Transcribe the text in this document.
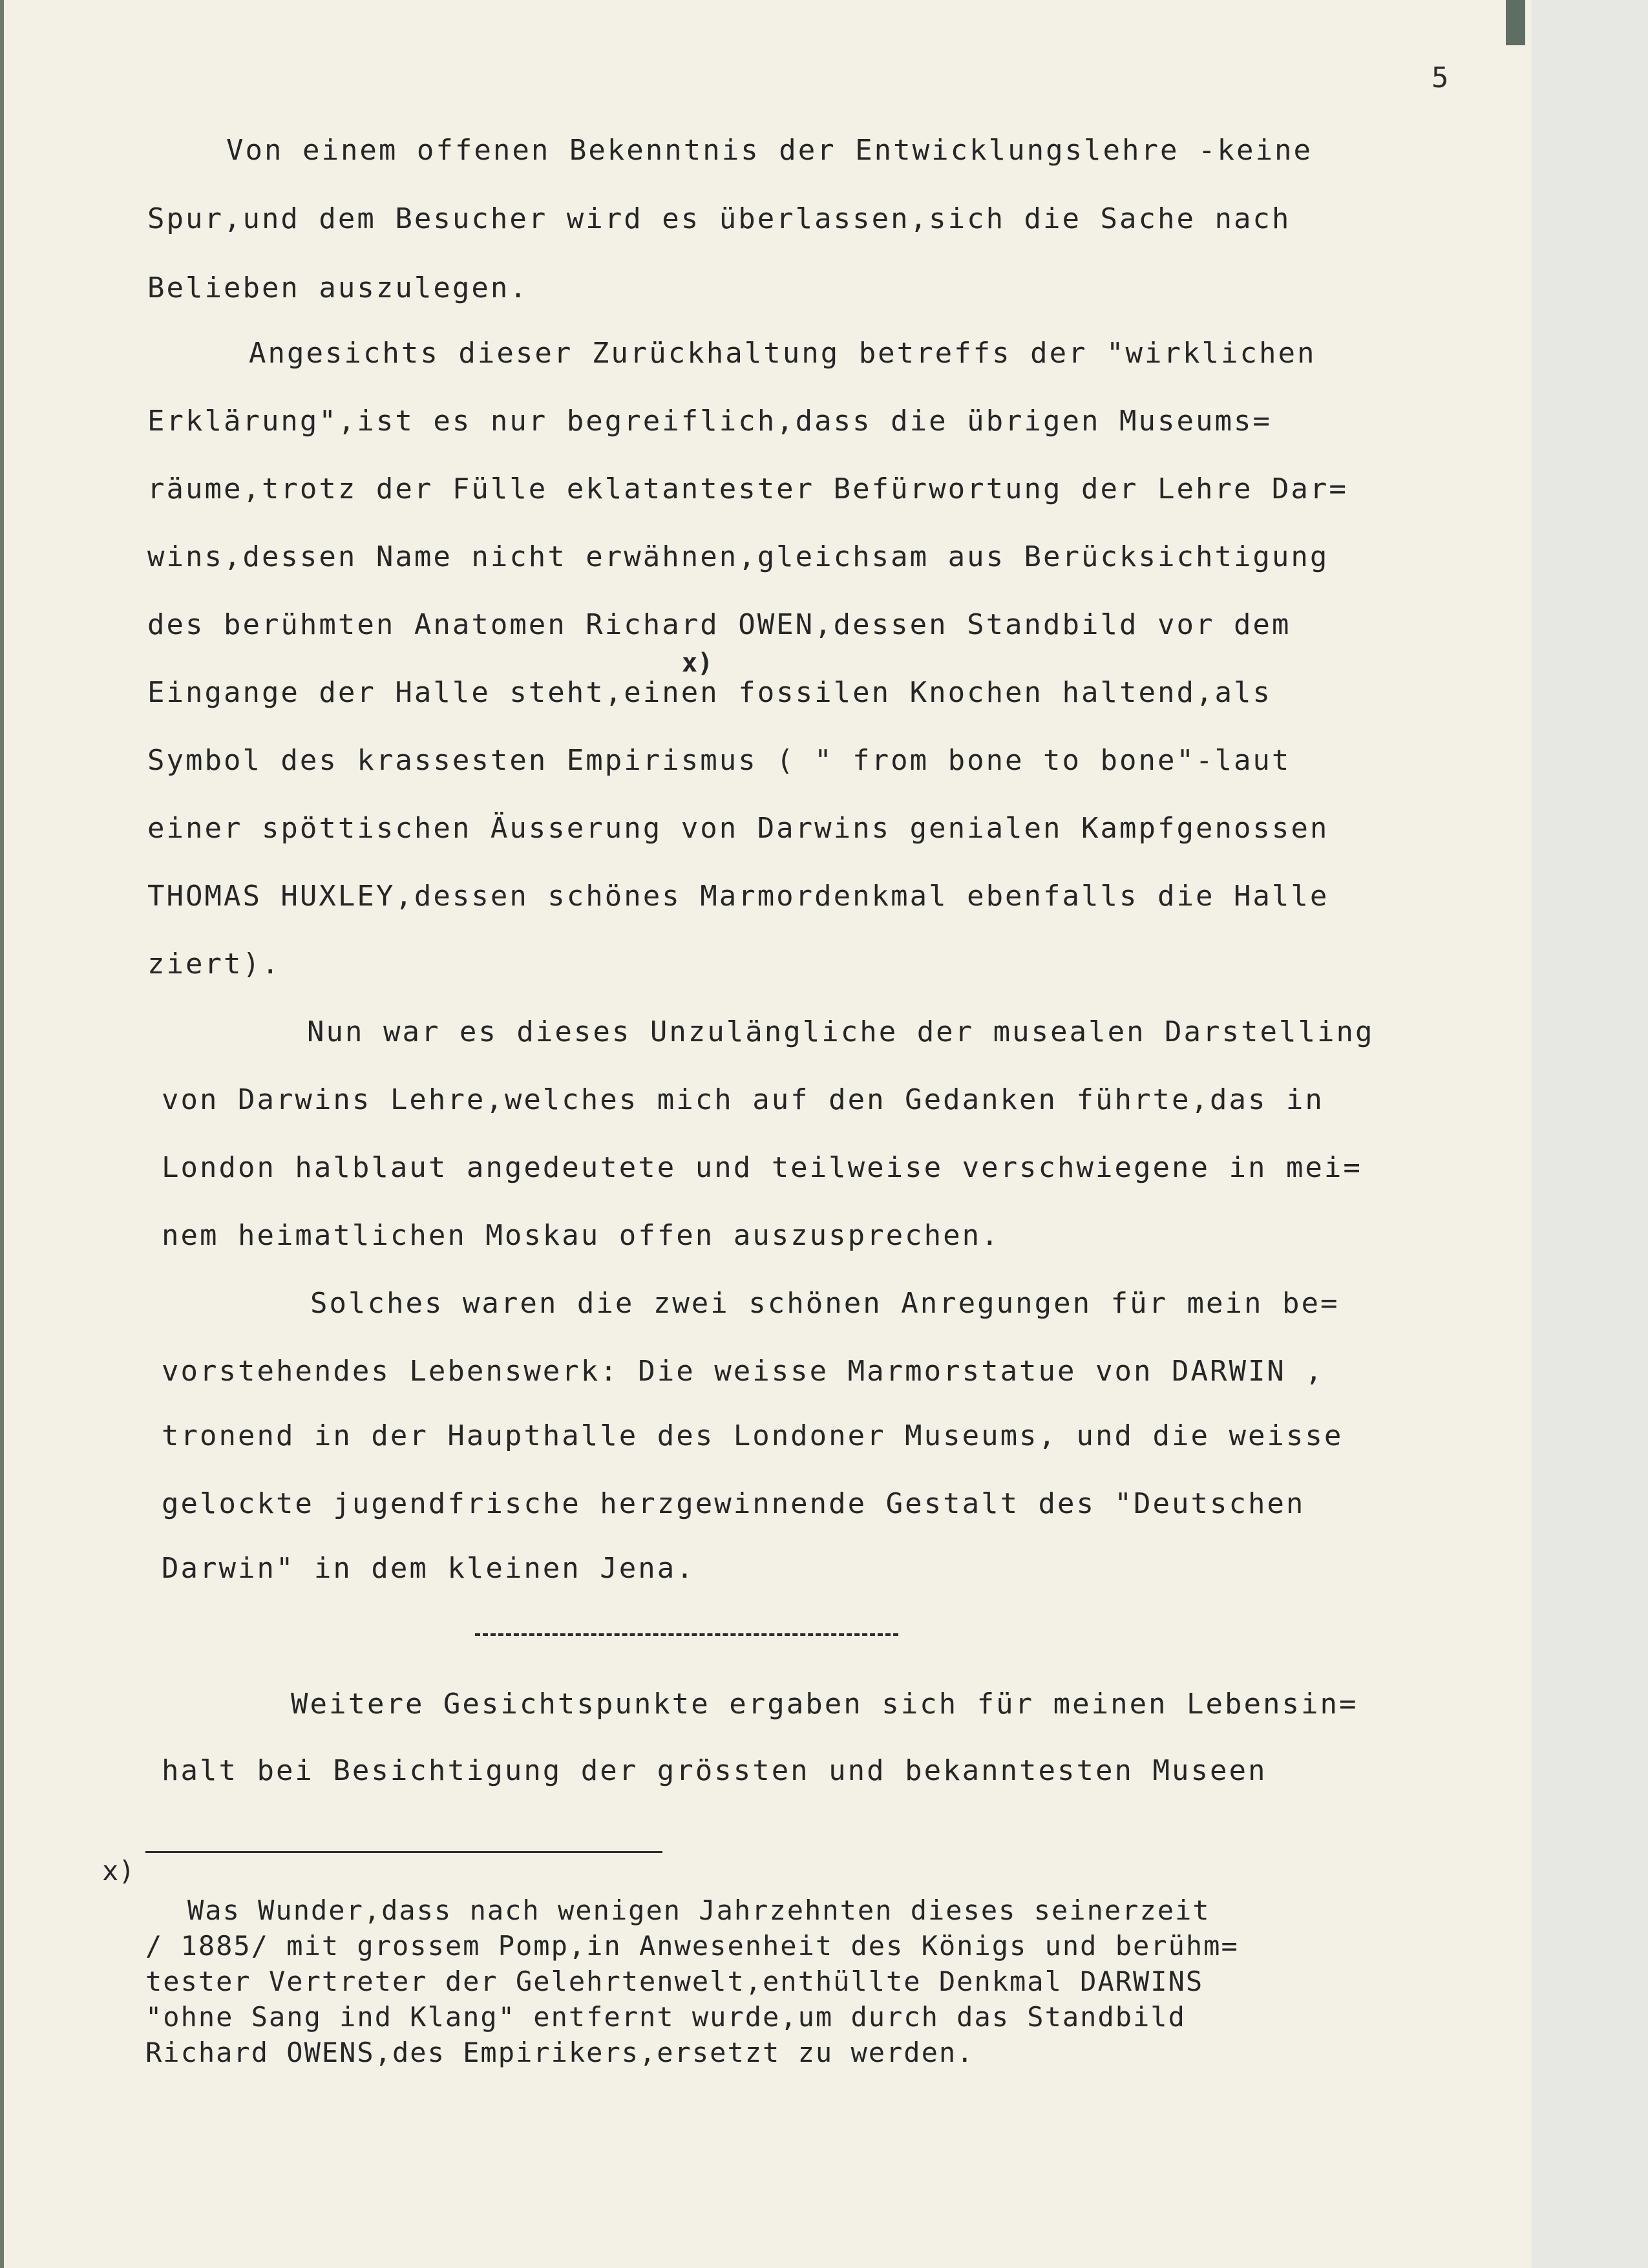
5
Von einem offenen Bekenntnis der Entwicklungslehre -keine
Spur,und dem Besucher wird es überlassen,sich die Sache nach
Belieben auszulegen.
Angesichts dieser Zurückhaltung betreffs der "wirklichen
Erklärung",ist es nur begreiflich,dass die übrigen Museums=
räume,trotz der Fülle eklatantester Befürwortung der Lehre Dar=
wins,dessen Name nicht erwähnen,gleichsam aus Berücksichtigung
des berühmten Anatomen Richard OWEN,dessen Standbild vor dem
x)
Eingange der Halle steht,einen fossilen Knochen haltend,als
Symbol des krassesten Empirismus ( " from bone to bone"-laut
einer spöttischen Äusserung von Darwins genialen Kampfgenossen
THOMAS HUXLEY,dessen schönes Marmordenkmal ebenfalls die Halle
ziert).
Nun war es dieses Unzulängliche der musealen Darstelling
von Darwins Lehre,welches mich auf den Gedanken führte,das in
London halblaut angedeutete und teilweise verschwiegene in mei=
nem heimatlichen Moskau offen auszusprechen.
Solches waren die zwei schönen Anregungen für mein be=
vorstehendes Lebenswerk: Die weisse Marmorstatue von DARWIN ,
tronend in der Haupthalle des Londoner Museums, und die weisse
gelockte jugendfrische herzgewinnende Gestalt des "Deutschen
Darwin" in dem kleinen Jena.
Weitere Gesichtspunkte ergaben sich für meinen Lebensin=
halt bei Besichtigung der grössten und bekanntesten Museen
x)
Was Wunder,dass nach wenigen Jahrzehnten dieses seinerzeit
/ 1885/ mit grossem Pomp,in Anwesenheit des Königs und berühm=
tester Vertreter der Gelehrtenwelt,enthüllte Denkmal DARWINS
"ohne Sang ind Klang" entfernt wurde,um durch das Standbild
Richard OWENS,des Empirikers,ersetzt zu werden.
